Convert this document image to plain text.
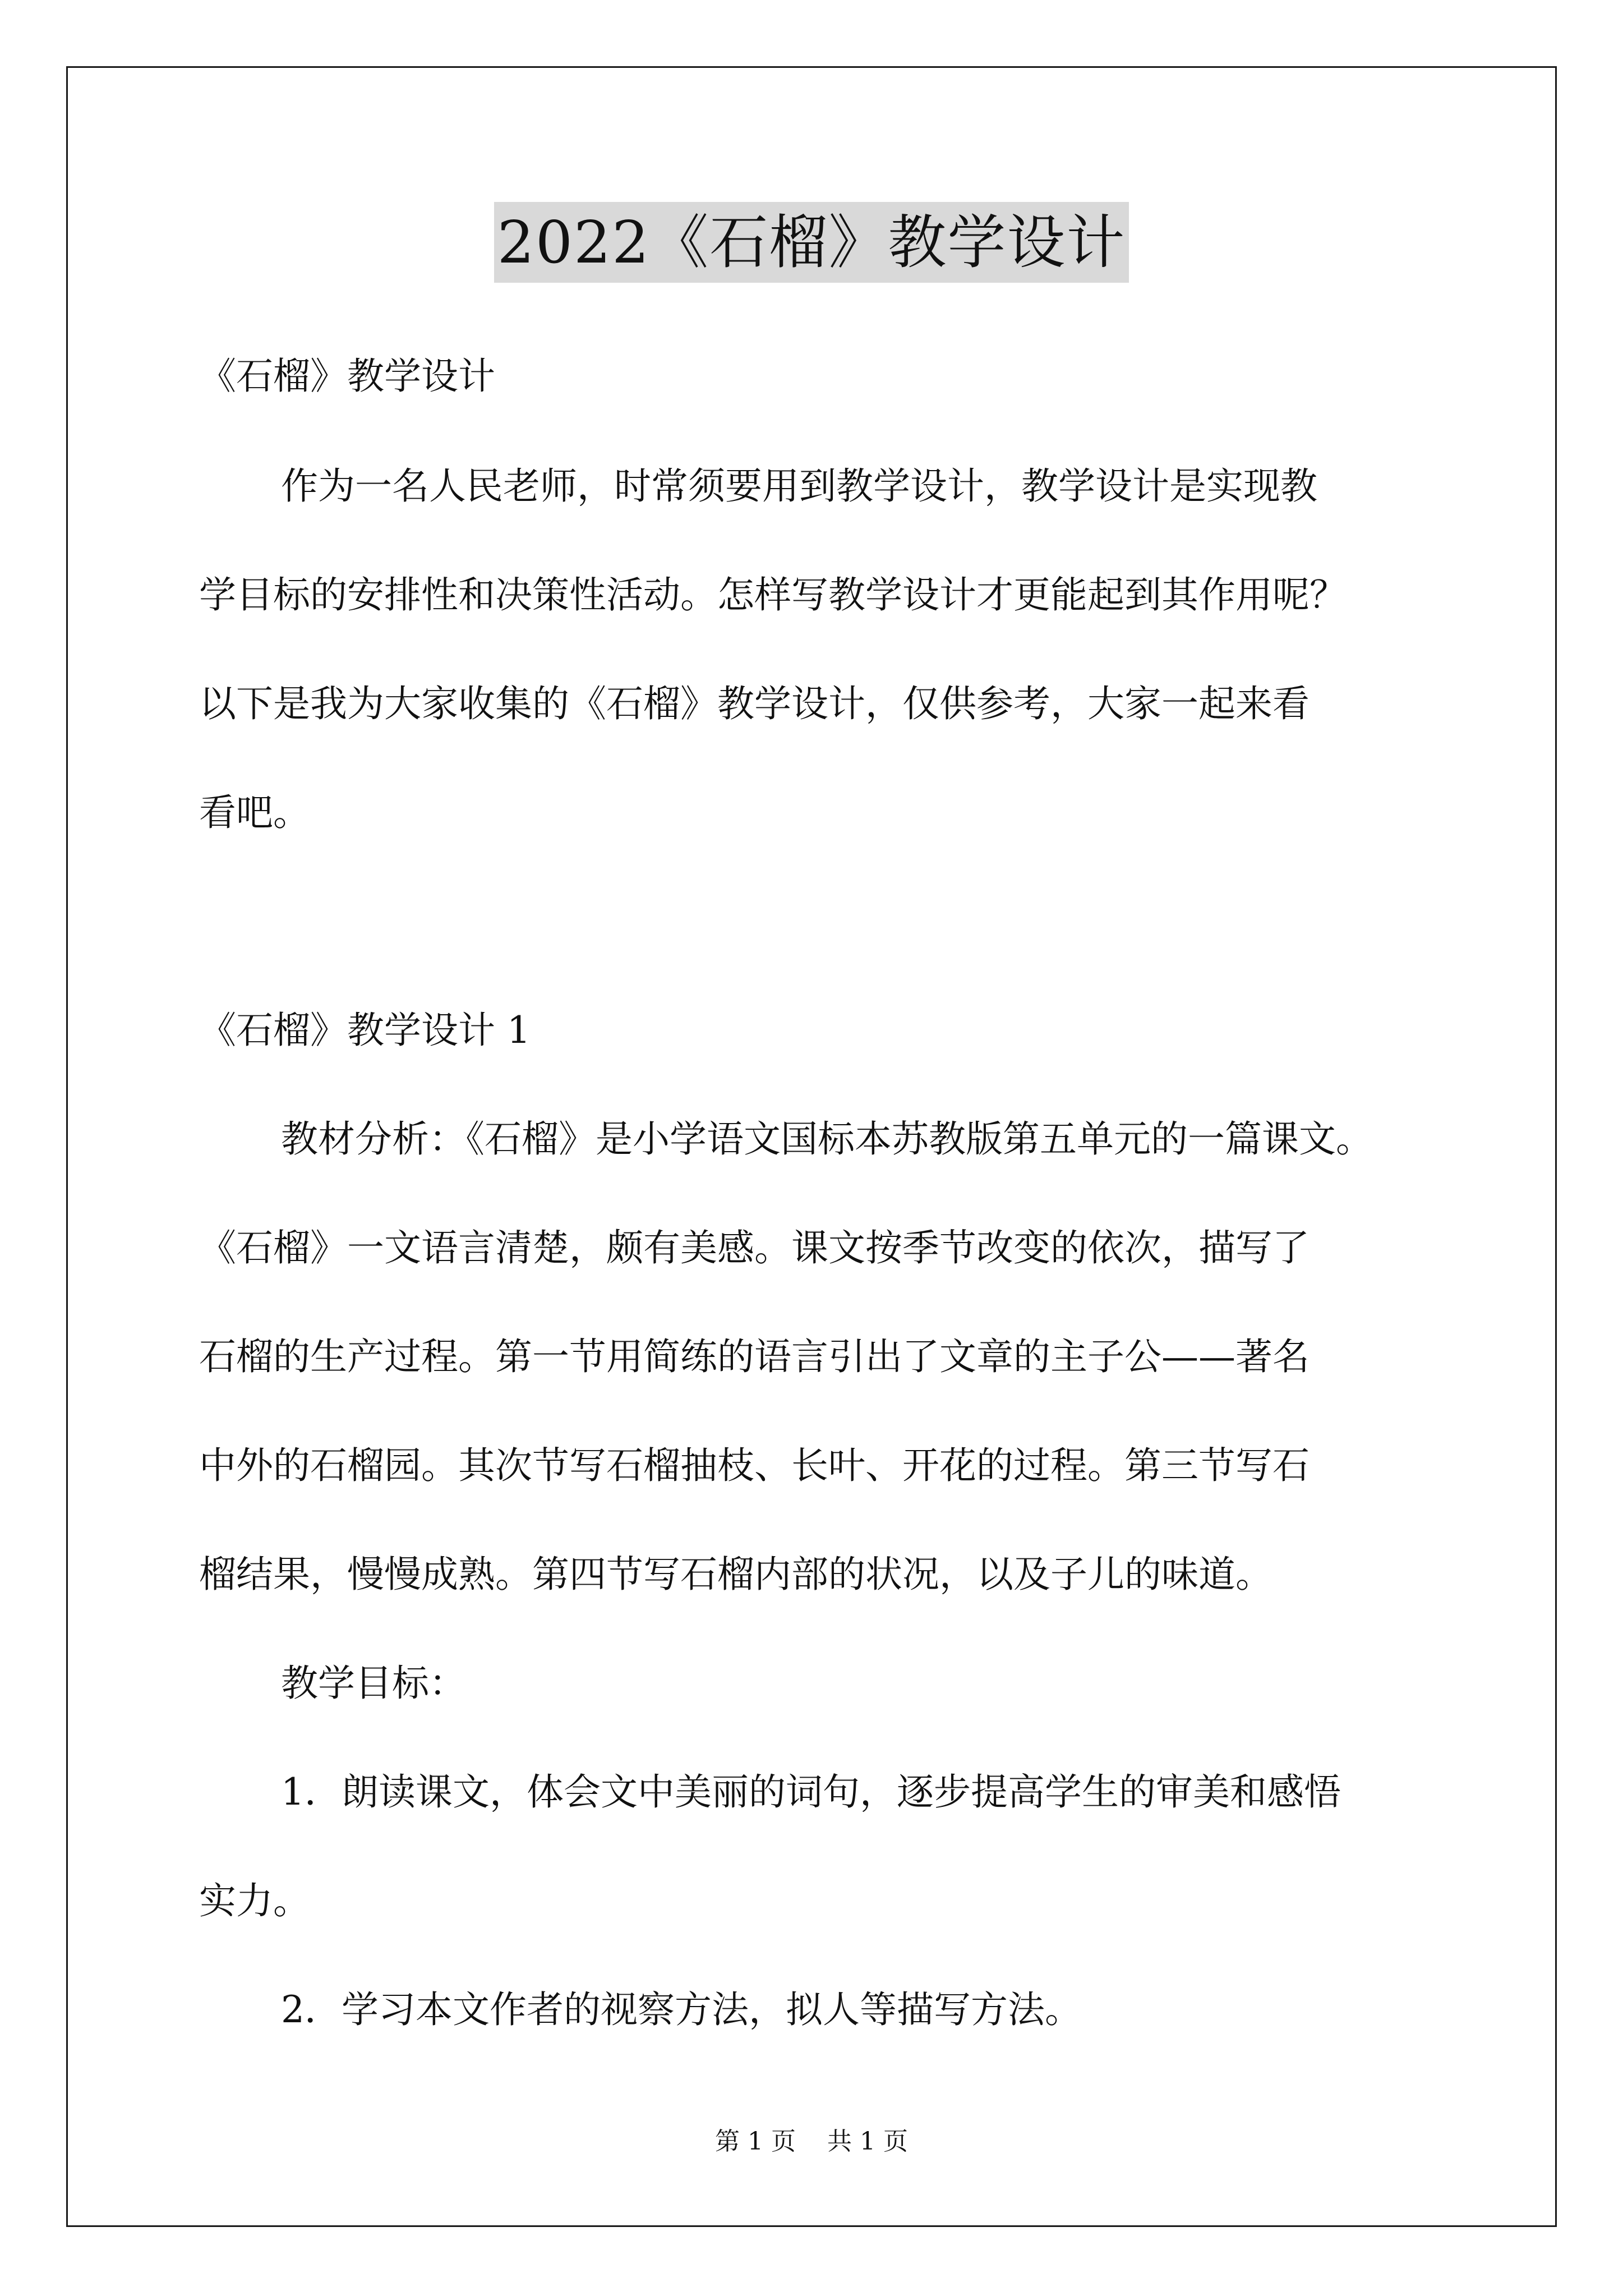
2022《石榴》教学设计

《石榴》教学设计

作为一名人民老师，时常须要用到教学设计，教学设计是实现教

学目标的安排性和决策性活动。怎样写教学设计才更能起到其作用呢？

以下是我为大家收集的《石榴》教学设计，仅供参考，大家一起来看

看吧。

《石榴》教学设计 1

教材分析：《石榴》是小学语文国标本苏教版第五单元的一篇课文。

《石榴》一文语言清楚，颇有美感。课文按季节改变的依次，描写了

石榴的生产过程。第一节用简练的语言引出了文章的主子公——著名

中外的石榴园。其次节写石榴抽枝、长叶、开花的过程。第三节写石

榴结果，慢慢成熟。第四节写石榴内部的状况，以及子儿的味道。

教学目标：

1．朗读课文，体会文中美丽的词句，逐步提高学生的审美和感悟

实力。

2．学习本文作者的视察方法，拟人等描写方法。

第 1 页 共 1 页
